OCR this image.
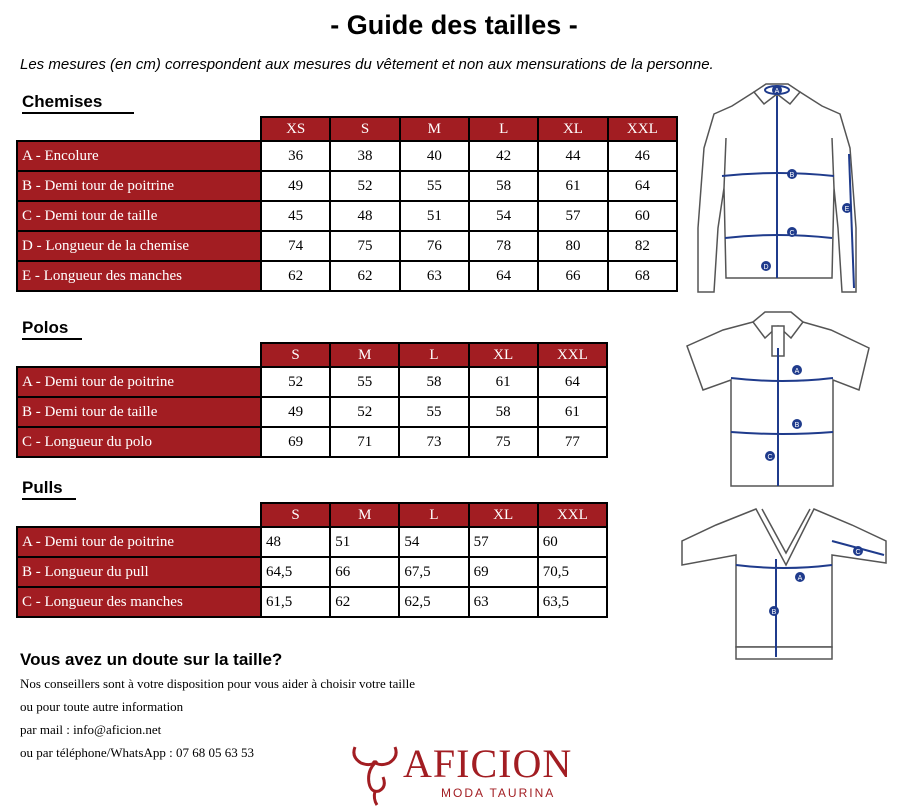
- Guide des tailles -
Les mesures (en cm) correspondent aux mesures du vêtement et non aux mensurations de la personne.
Chemises
	XS	S	M	L	XL	XXL
A - Encolure	36	38	40	42	44	46
B - Demi tour de poitrine	49	52	55	58	61	64
C - Demi tour de taille	45	48	51	54	57	60
D - Longueur de la chemise	74	75	76	78	80	82
E - Longueur des manches	62	62	63	64	66	68
Polos
	S	M	L	XL	XXL
A - Demi tour de poitrine	52	55	58	61	64
B - Demi tour de taille	49	52	55	58	61
C - Longueur du polo	69	71	73	75	77
Pulls
	S	M	L	XL	XXL
A - Demi tour de poitrine	48	51	54	57	60
B - Longueur du pull	64,5	66	67,5	69	70,5
C - Longueur des manches	61,5	62	62,5	63	63,5
Vous avez un doute sur la taille?
Nos conseillers sont à votre disposition pour vous aider à choisir votre taille
ou pour toute autre information
par mail : info@aficion.net
ou par téléphone/WhatsApp : 07 68 05 63 53	AFICION
MODA TAURINA
A
B
C
D
E
A
B
C
A
B
C
